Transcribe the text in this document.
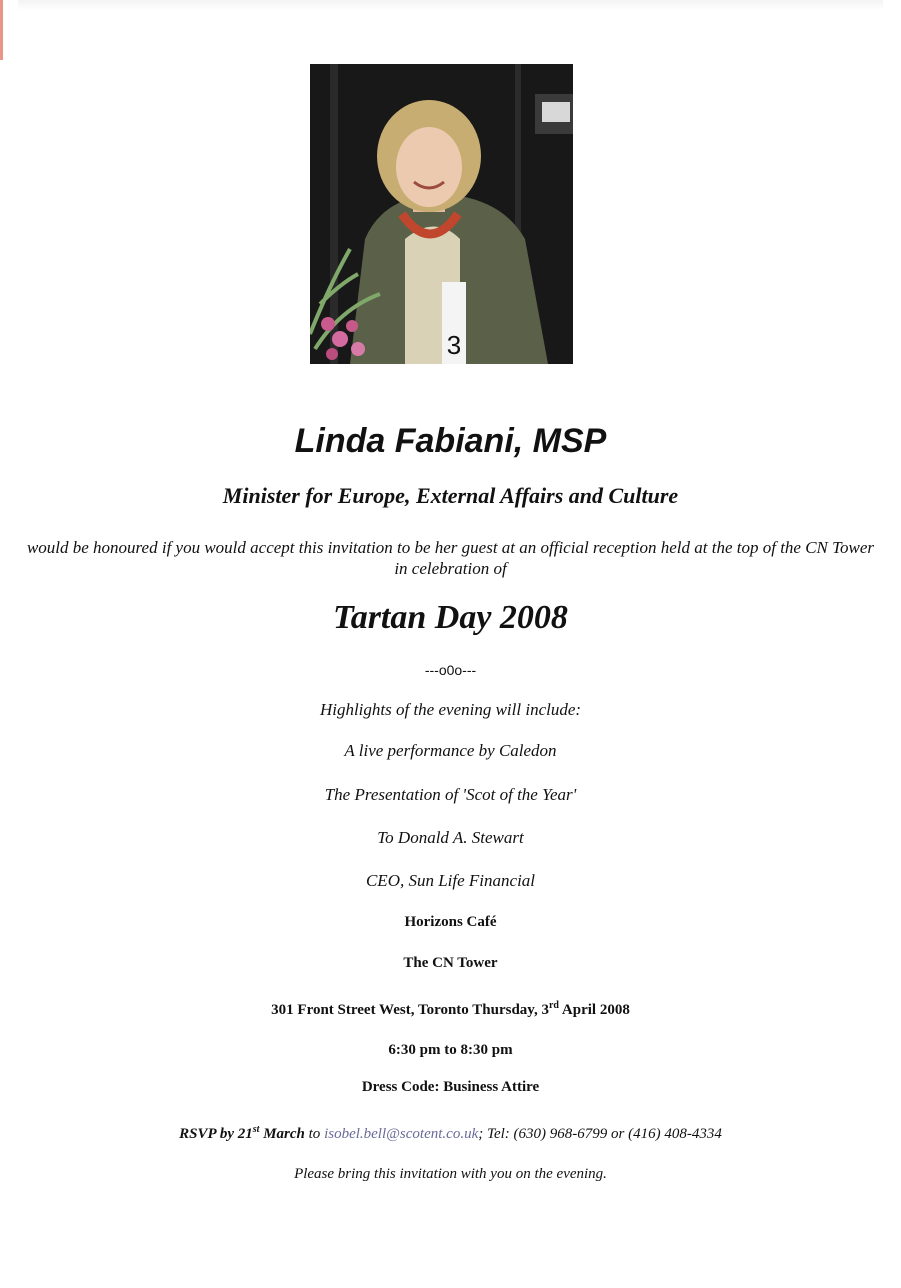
3
Linda Fabiani, MSP
Minister for Europe, External Affairs and Culture
would be honoured if you would accept this invitation to be her guest at an official reception held at the top of the CN Tower in celebration of
Tartan Day 2008
---o0o---
Highlights of the evening will include:
A live performance by Caledon
The Presentation of 'Scot of the Year'
To Donald A. Stewart
CEO, Sun Life Financial
Horizons Café
The CN Tower
301 Front Street West, Toronto Thursday, 3rd April 2008
6:30 pm to 8:30 pm
Dress Code: Business Attire
RSVP by 21st March to isobel.bell@scotent.co.uk; Tel: (630) 968-6799 or (416) 408-4334
Please bring this invitation with you on the evening.
